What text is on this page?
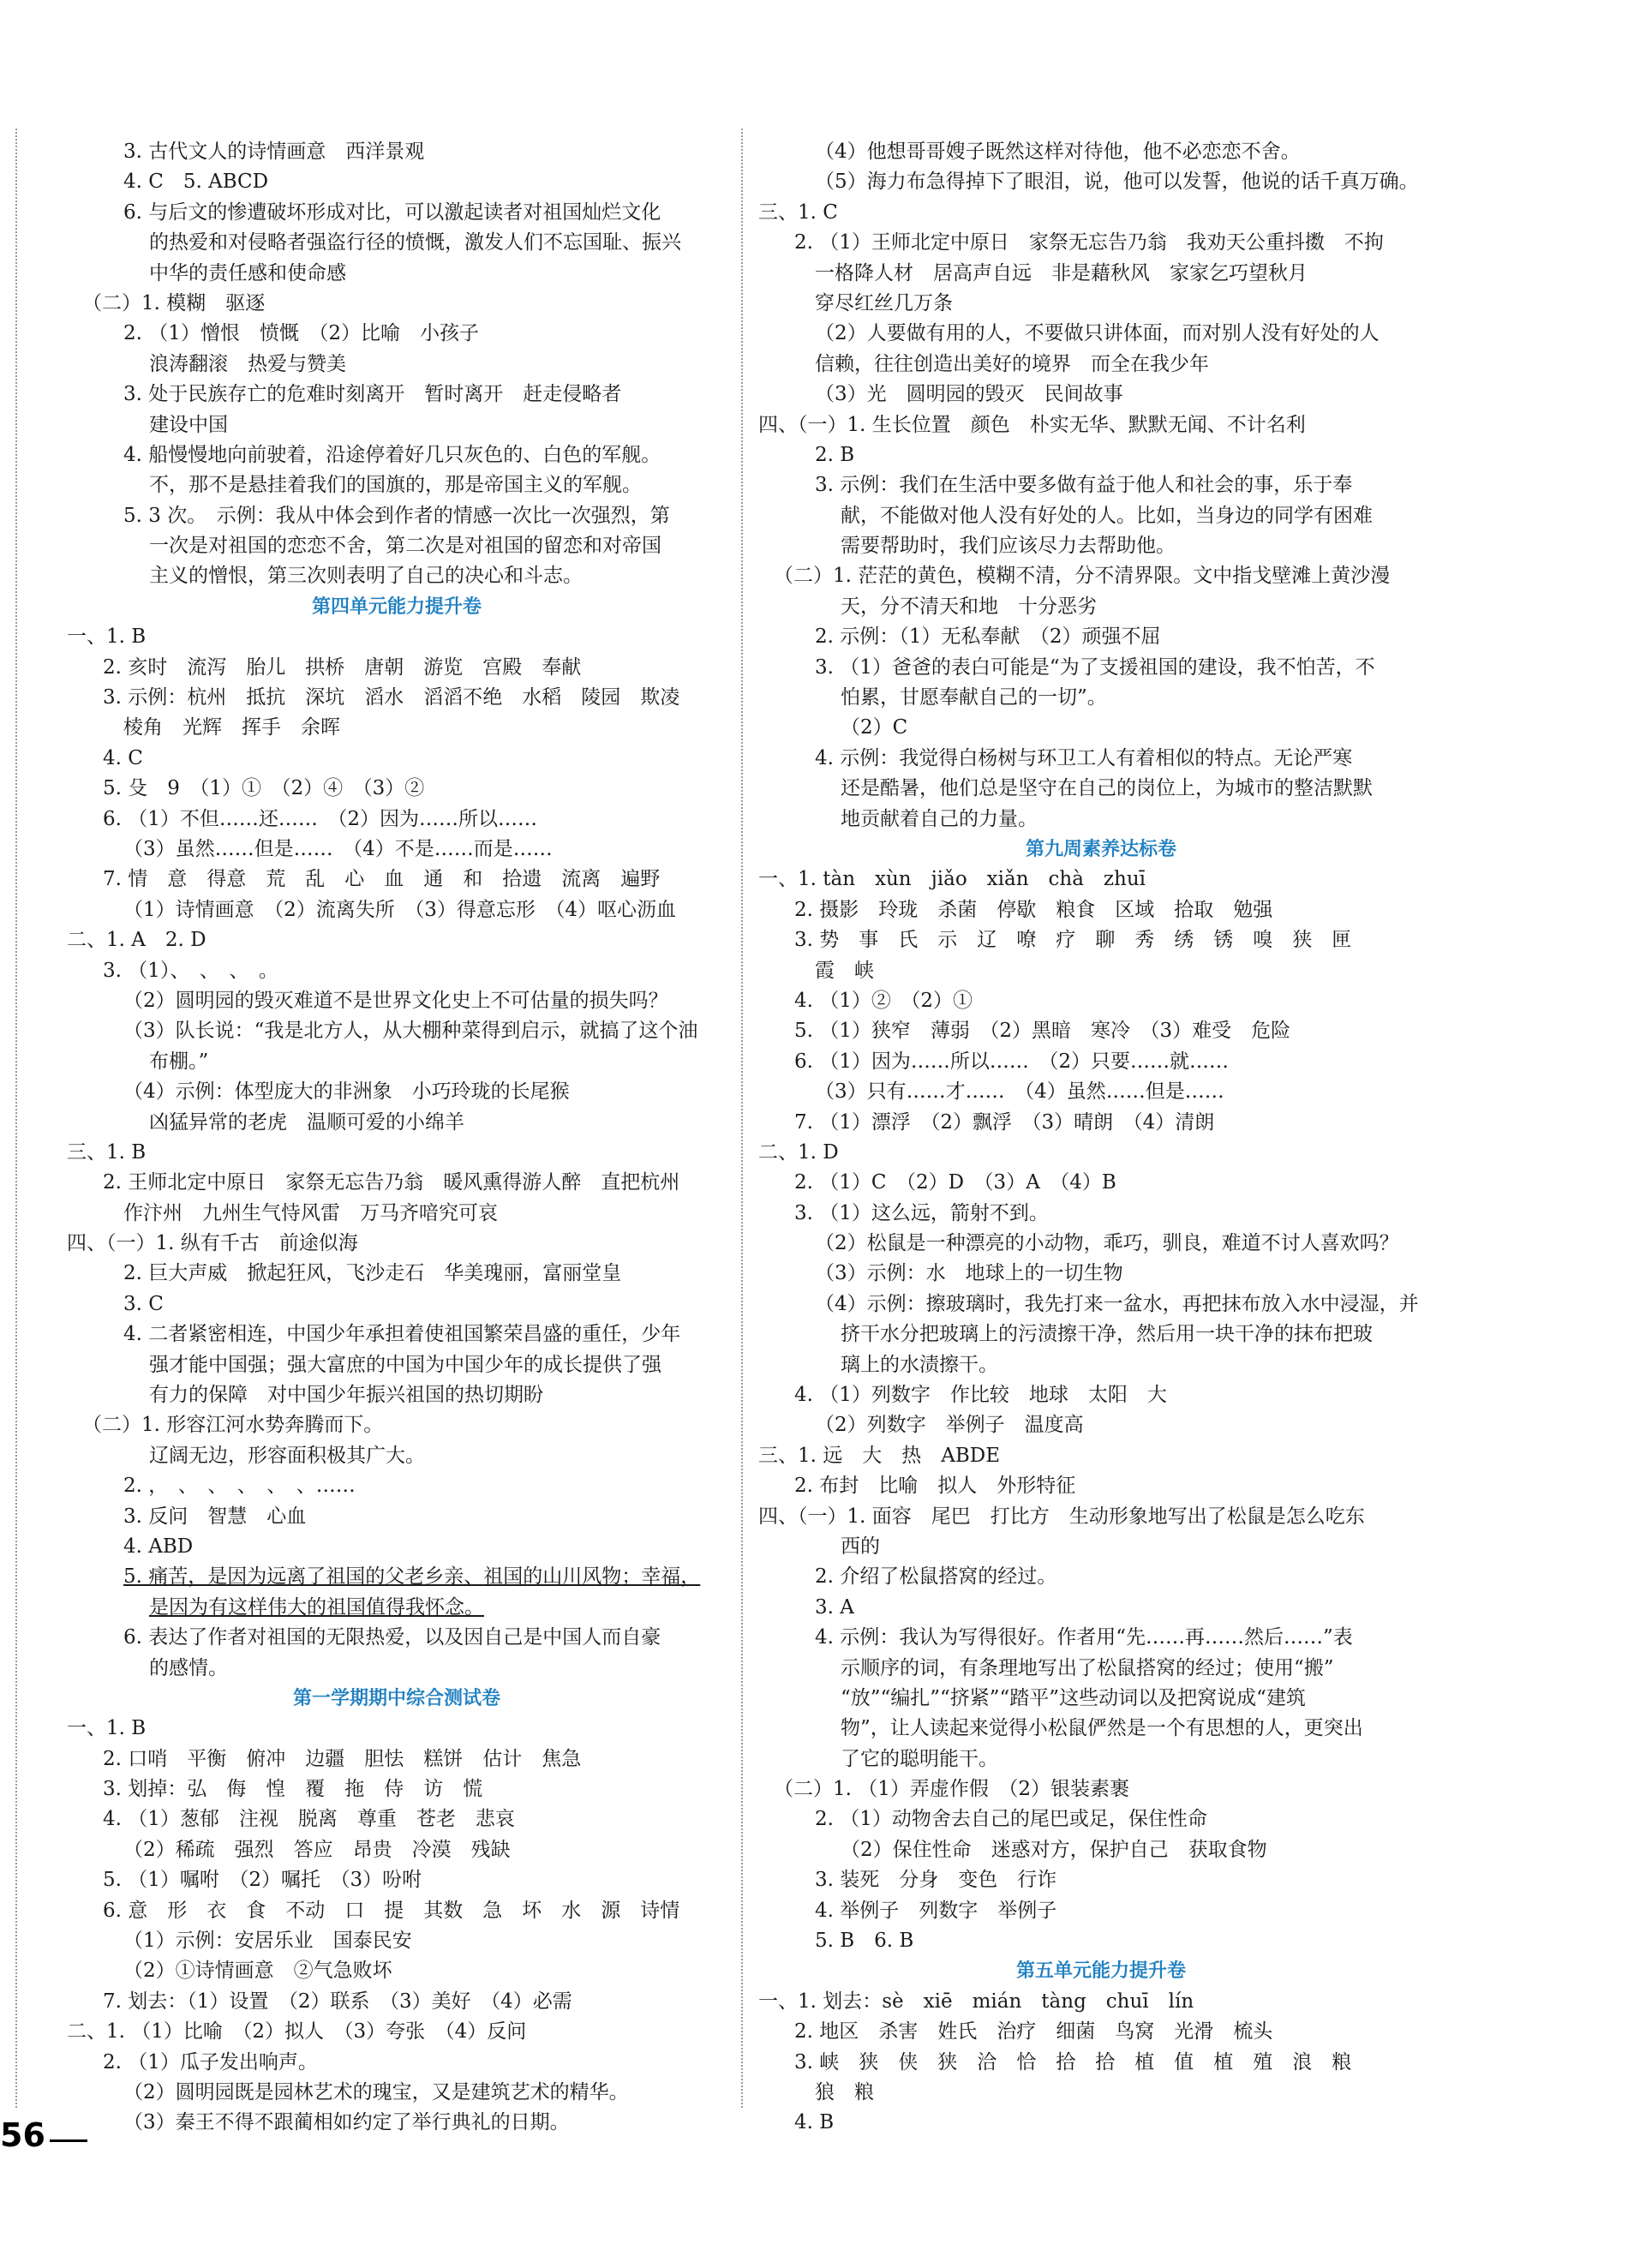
3. 古代文人的诗情画意　西洋景观
4. C　5. ABCD
6. 与后文的惨遭破坏形成对比，可以激起读者对祖国灿烂文化
的热爱和对侵略者强盗行径的愤慨，激发人们不忘国耻、振兴
中华的责任感和使命感
（二）1. 模糊　驱逐
2. （1）憎恨　愤慨　（2）比喻　小孩子
浪涛翻滚　热爱与赞美
3. 处于民族存亡的危难时刻离开　暂时离开　赶走侵略者
建设中国
4. 船慢慢地向前驶着，沿途停着好几只灰色的、白色的军舰。
不，那不是悬挂着我们的国旗的，那是帝国主义的军舰。
5. 3 次。　示例：我从中体会到作者的情感一次比一次强烈，第
一次是对祖国的恋恋不舍，第二次是对祖国的留恋和对帝国
主义的憎恨，第三次则表明了自己的决心和斗志。
第四单元能力提升卷
一、1. B
2. 亥时　流泻　胎儿　拱桥　唐朝　游览　宫殿　奉献
3. 示例：杭州　抵抗　深坑　滔水　滔滔不绝　水稻　陵园　欺凌
棱角　光辉　挥手　余晖
4. C
5. 殳　9　（1）①　（2）④　（3）②
6. （1）不但……还……　（2）因为……所以……
（3）虽然……但是……　（4）不是……而是……
7. 情　意　得意　荒　乱　心　血　通　和　拾遗　流离　遍野
（1）诗情画意　（2）流离失所　（3）得意忘形　（4）呕心沥血
二、1. A　2. D
3. （1）、　、　、　。
（2）圆明园的毁灭难道不是世界文化史上不可估量的损失吗？
（3）队长说：“我是北方人，从大棚种菜得到启示，就搞了这个油
布棚。”
（4）示例：体型庞大的非洲象　小巧玲珑的长尾猴
凶猛异常的老虎　温顺可爱的小绵羊
三、1. B
2. 王师北定中原日　家祭无忘告乃翁　暖风熏得游人醉　直把杭州
作汴州　九州生气恃风雷　万马齐喑究可哀
四、（一）1. 纵有千古　前途似海
2. 巨大声威　掀起狂风，飞沙走石　华美瑰丽，富丽堂皇
3. C
4. 二者紧密相连，中国少年承担着使祖国繁荣昌盛的重任，少年
强才能中国强；强大富庶的中国为中国少年的成长提供了强
有力的保障　对中国少年振兴祖国的热切期盼
（二）1. 形容江河水势奔腾而下。
辽阔无边，形容面积极其广大。
2. ，　、　、　、　、　、……
3. 反问　智慧　心血
4. ABD
5. 痛苦，是因为远离了祖国的父老乡亲、祖国的山川风物；幸福，
是因为有这样伟大的祖国值得我怀念。
6. 表达了作者对祖国的无限热爱，以及因自己是中国人而自豪
的感情。
第一学期期中综合测试卷
一、1. B
2. 口哨　平衡　俯冲　边疆　胆怯　糕饼　估计　焦急
3. 划掉：弘　侮　惶　覆　拖　侍　访　慌
4. （1）葱郁　注视　脱离　尊重　苍老　悲哀
（2）稀疏　强烈　答应　昂贵　冷漠　残缺
5. （1）嘱咐　（2）嘱托　（3）吩咐
6. 意　形　衣　食　不动　口　提　其数　急　坏　水　源　诗情
（1）示例：安居乐业　国泰民安
（2）①诗情画意　②气急败坏
7. 划去：（1）设置　（2）联系　（3）美好　（4）必需
二、1. （1）比喻　（2）拟人　（3）夸张　（4）反问
2. （1）瓜子发出响声。
（2）圆明园既是园林艺术的瑰宝，又是建筑艺术的精华。
（3）秦王不得不跟蔺相如约定了举行典礼的日期。
（4）他想哥哥嫂子既然这样对待他，他不必恋恋不舍。
（5）海力布急得掉下了眼泪，说，他可以发誓，他说的话千真万确。
三、1. C
2. （1）王师北定中原日　家祭无忘告乃翁　我劝天公重抖擞　不拘
一格降人材　居高声自远　非是藉秋风　家家乞巧望秋月
穿尽红丝几万条
（2）人要做有用的人，不要做只讲体面，而对别人没有好处的人
信赖，往往创造出美好的境界　而全在我少年
（3）光　圆明园的毁灭　民间故事
四、（一）1. 生长位置　颜色　朴实无华、默默无闻、不计名利
2. B
3. 示例：我们在生活中要多做有益于他人和社会的事，乐于奉
献，不能做对他人没有好处的人。比如，当身边的同学有困难
需要帮助时，我们应该尽力去帮助他。
（二）1. 茫茫的黄色，模糊不清，分不清界限。文中指戈壁滩上黄沙漫
天，分不清天和地　十分恶劣
2. 示例：（1）无私奉献　（2）顽强不屈
3. （1）爸爸的表白可能是“为了支援祖国的建设，我不怕苦，不
怕累，甘愿奉献自己的一切”。
（2）C
4. 示例：我觉得白杨树与环卫工人有着相似的特点。无论严寒
还是酷暑，他们总是坚守在自己的岗位上，为城市的整洁默默
地贡献着自己的力量。
第九周素养达标卷
一、1. tàn　xùn　jiǎo　xiǎn　chà　zhuī
2. 摄影　玲珑　杀菌　停歇　粮食　区域　拾取　勉强
3. 势　事　氏　示　辽　嘹　疗　聊　秀　绣　锈　嗅　狭　匣
霞　峡
4. （1）②　（2）①
5. （1）狭窄　薄弱　（2）黑暗　寒冷　（3）难受　危险
6. （1）因为……所以……　（2）只要……就……
（3）只有……才……　（4）虽然……但是……
7. （1）漂浮　（2）飘浮　（3）晴朗　（4）清朗
二、1. D
2. （1）C　（2）D　（3）A　（4）B
3. （1）这么远，箭射不到。
（2）松鼠是一种漂亮的小动物，乖巧，驯良，难道不讨人喜欢吗？
（3）示例：水　地球上的一切生物
（4）示例：擦玻璃时，我先打来一盆水，再把抹布放入水中浸湿，并
挤干水分把玻璃上的污渍擦干净，然后用一块干净的抹布把玻
璃上的水渍擦干。
4. （1）列数字　作比较　地球　太阳　大
（2）列数字　举例子　温度高
三、1. 远　大　热　ABDE
2. 布封　比喻　拟人　外形特征
四、（一）1. 面容　尾巴　打比方　生动形象地写出了松鼠是怎么吃东
西的
2. 介绍了松鼠搭窝的经过。
3. A
4. 示例：我认为写得很好。作者用“先……再……然后……”表
示顺序的词，有条理地写出了松鼠搭窝的经过；使用“搬”
“放”“编扎”“挤紧”“踏平”这些动词以及把窝说成“建筑
物”，让人读起来觉得小松鼠俨然是一个有思想的人，更突出
了它的聪明能干。
（二）1. （1）弄虚作假　（2）银装素裹
2. （1）动物舍去自己的尾巴或足，保住性命
（2）保住性命　迷惑对方，保护自己　获取食物
3. 装死　分身　变色　行诈
4. 举例子　列数字　举例子
5. B　6. B
第五单元能力提升卷
一、1. 划去：sè　xiē　mián　tàng　chuī　lín
2. 地区　杀害　姓氏　治疗　细菌　鸟窝　光滑　梳头
3. 峡　狭　侠　狭　洽　恰　拾　拾　植　值　植　殖　浪　粮
狼　粮
4. B
56
